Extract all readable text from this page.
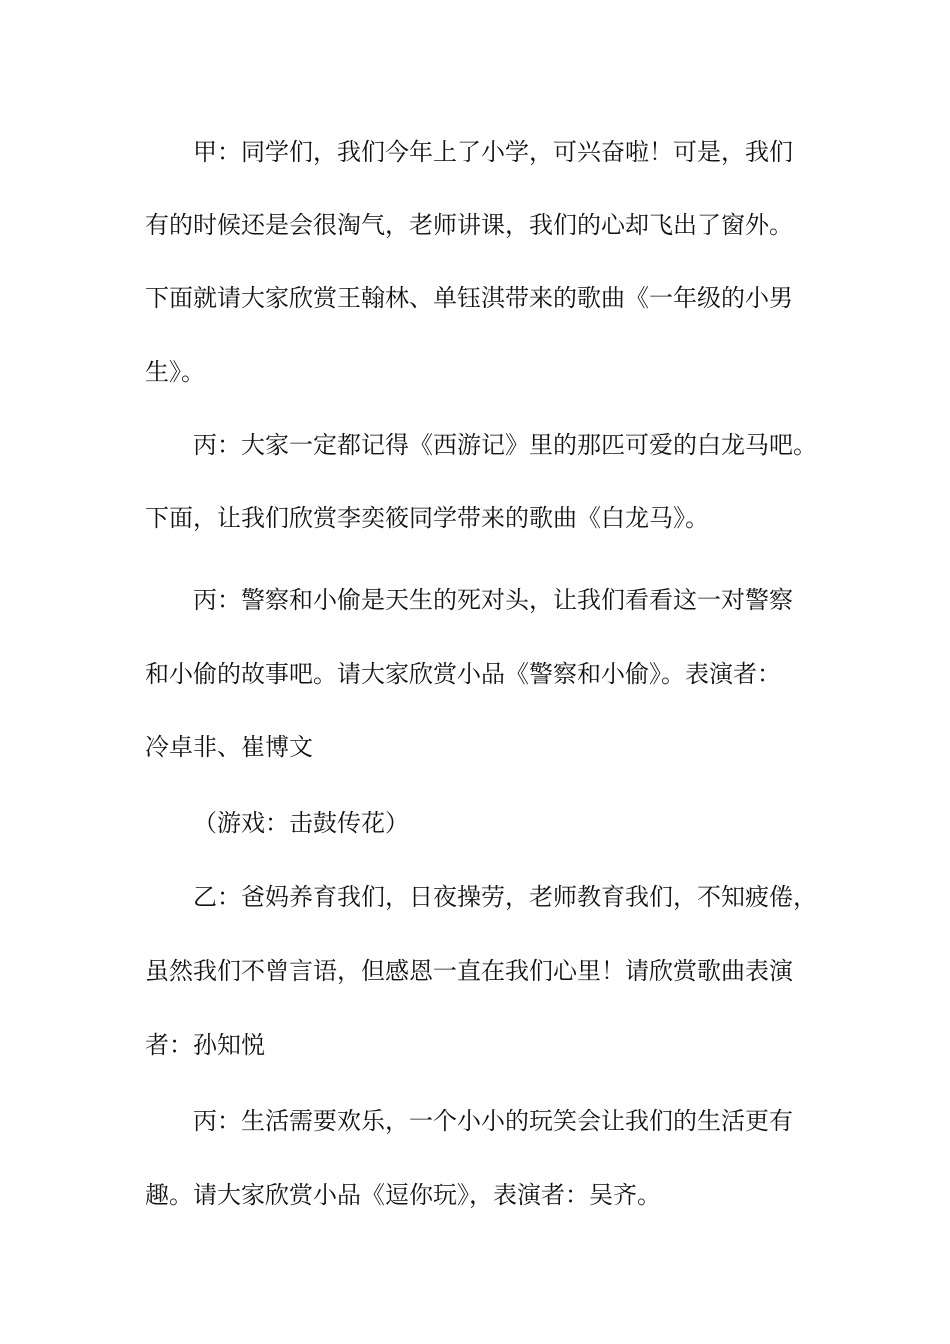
甲：同学们，我们今年上了小学，可兴奋啦！可是，我们
有的时候还是会很淘气，老师讲课，我们的心却飞出了窗外。
下面就请大家欣赏王翰林、单钰淇带来的歌曲《一年级的小男
生》。
丙：大家一定都记得《西游记》里的那匹可爱的白龙马吧。
下面，让我们欣赏李奕筱同学带来的歌曲《白龙马》。
丙：警察和小偷是天生的死对头，让我们看看这一对警察
和小偷的故事吧。请大家欣赏小品《警察和小偷》。表演者：
冷卓非、崔博文
（游戏：击鼓传花）
乙：爸妈养育我们，日夜操劳，老师教育我们，不知疲倦，
虽然我们不曾言语，但感恩一直在我们心里！请欣赏歌曲表演
者：孙知悦
丙：生活需要欢乐，一个小小的玩笑会让我们的生活更有
趣。请大家欣赏小品《逗你玩》，表演者：吴齐。
